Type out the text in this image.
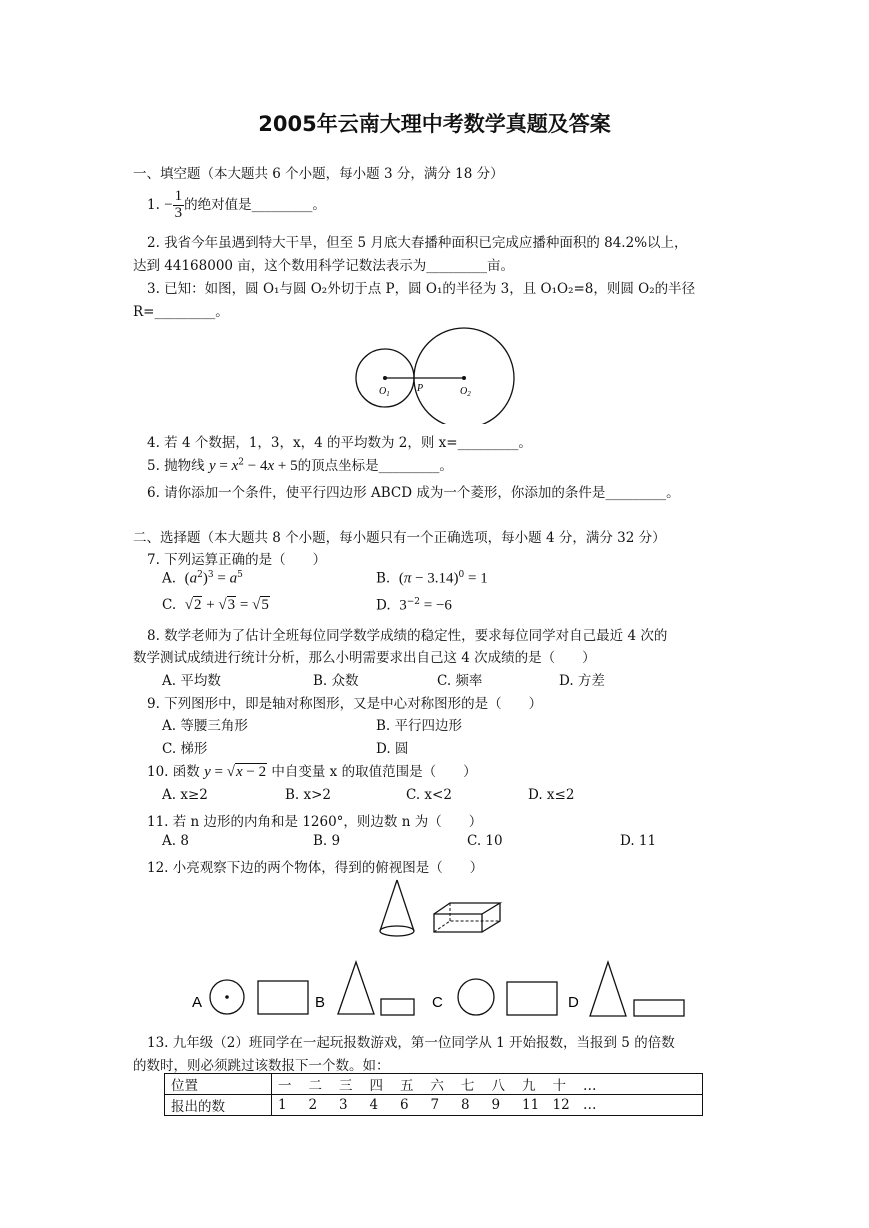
2005年云南大理中考数学真题及答案
一、填空题（本大题共 6 个小题，每小题 3 分，满分 18 分）
1. − $\frac{1}{3}$ 的绝对值是_________。
2. 我省今年虽遇到特大干旱，但至 5 月底大春播种面积已完成应播种面积的 84.2%以上，
达到 44168000 亩，这个数用科学记数法表示为_________亩。
3. 已知：如图，圆 O₁与圆 O₂外切于点 P，圆 O₁的半径为 3，且 O₁O₂=8，则圆 O₂的半径
R=_________。
$O_1$	P	$O_2$
4. 若 4 个数据，1，3，x，4 的平均数为 2，则 x=_________。
5. 抛物线 $y = x^2 - 4x + 5$的顶点坐标是_________。
6. 请你添加一个条件，使平行四边形 ABCD 成为一个菱形，你添加的条件是_________。
二、选择题（本大题共 8 个小题，每小题只有一个正确选项，每小题 4 分，满分 32 分）
7. 下列运算正确的是（　　）
A. $(a^2)^3 = a^5$	B. $(\pi - 3.14)^0 = 1$
C. √2 + √3 = √5	D. $3^{-2} = -6$
8. 数学老师为了估计全班每位同学数学成绩的稳定性，要求每位同学对自己最近 4 次的
数学测试成绩进行统计分析，那么小明需要求出自己这 4 次成绩的是（　　）
A. 平均数	B. 众数	C. 频率	D. 方差
9. 下列图形中，即是轴对称图形，又是中心对称图形的是（　　）
A. 等腰三角形	B. 平行四边形
C. 梯形	D. 圆
10. 函数 y = √x − 2 中自变量 x 的取值范围是（　　）
A. x≥2	B. x>2	C. x<2	D. x≤2
11. 若 n 边形的内角和是 1260°，则边数 n 为（　　）
A. 8	B. 9	C. 10	D. 11
12. 小亮观察下边的两个物体，得到的俯视图是（　　）
A	B	C	D
13. 九年级（2）班同学在一起玩报数游戏，第一位同学从 1 开始报数，当报到 5 的倍数
的数时，则必须跳过该数报下一个数。如：
位置	一 二 三 四 五 六 七 八 九 十 …
报出的数	1 2 3 4 6 7 8 9 11 12 …
